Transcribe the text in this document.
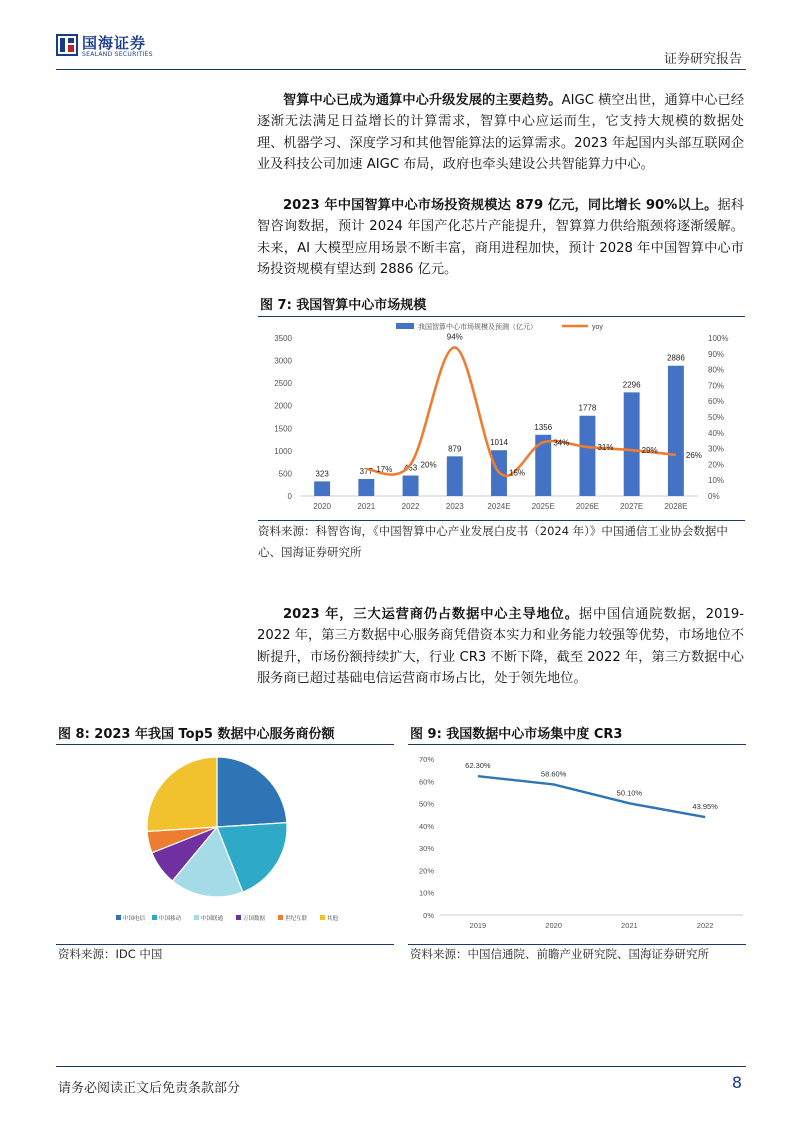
国海证券
SEALAND SECURITIES	证券研究报告
智算中心已成为通算中心升级发展的主要趋势。AIGC 横空出世，通算中心已经逐渐无法满足日益增长的计算需求，智算中心应运而生，它支持大规模的数据处理、机器学习、深度学习和其他智能算法的运算需求。2023 年起国内头部互联网企业及科技公司加速 AIGC 布局，政府也牵头建设公共智能算力中心。
2023 年中国智算中心市场投资规模达 879 亿元，同比增长 90%以上。据科智咨询数据，预计 2024 年国产化芯片产能提升，智算算力供给瓶颈将逐渐缓解。未来，AI 大模型应用场景不断丰富，商用进程加快，预计 2028 年中国智算中心市场投资规模有望达到 2886 亿元。
图 7: 我国智算中心市场规模
0
500
1000
1500
2000
2500
3000
3500
0%
10%
20%
30%
40%
50%
60%
70%
80%
90%
100%
323	377	453
879
1014
1356
1778
2296
2886
2020	2021	2022	2023	2024E	2025E	2026E	2027E	2028E
17%
20%
94%
15%
34%
31%	29%
26%
我国智算中心市场规模及预测（亿元）	yoy
资料来源：科智咨询，《中国智算中心产业发展白皮书（2024 年）》中国通信工业协会数据中心、国海证券研究所
2023 年，三大运营商仍占数据中心主导地位。据中国信通院数据，2019-2022 年，第三方数据中心服务商凭借资本实力和业务能力较强等优势，市场地位不断提升，市场份额持续扩大，行业 CR3 不断下降，截至 2022 年，第三方数据中心服务商已超过基础电信运营商市场占比，处于领先地位。
图 8: 2023 年我国 Top5 数据中心服务商份额
中国电信	中国移动	中国联通	万国数据	世纪互联	其他
资料来源：IDC 中国
图 9: 我国数据中心市场集中度 CR3
0%
10%
20%
30%
40%
50%
60%
70%
2019	2020	2021	2022
62.30%
58.60%
50.10%
43.95%
资料来源：中国信通院、前瞻产业研究院、国海证券研究所
请务必阅读正文后免责条款部分	8
